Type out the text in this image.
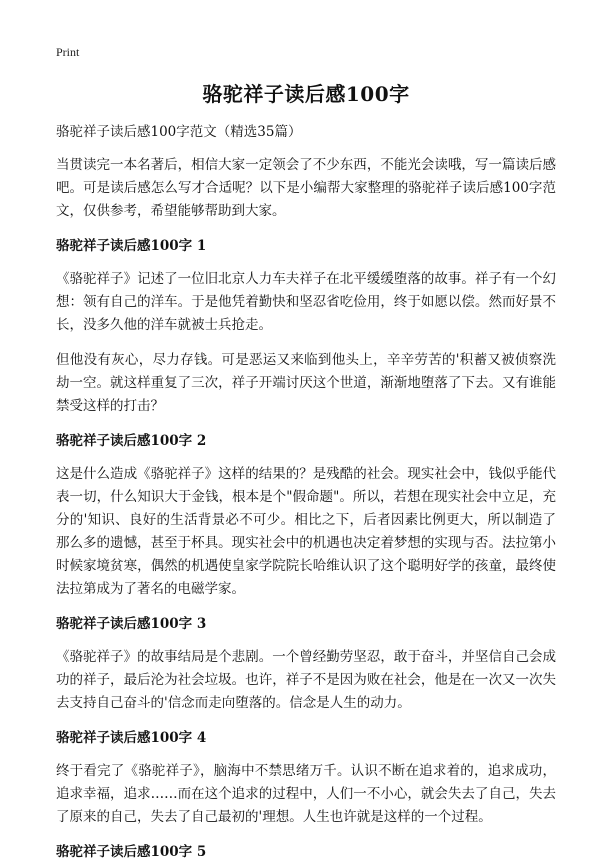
Print
骆驼祥子读后感100字

骆驼祥子读后感100字范文（精选35篇）

当贯读完一本名著后，相信大家一定领会了不少东西，不能光会读哦，写一篇读后感吧。可是读后感怎么写才合适呢？以下是小编帮大家整理的骆驼祥子读后感100字范文，仅供参考，希望能够帮助到大家。

骆驼祥子读后感100字 1

《骆驼祥子》记述了一位旧北京人力车夫祥子在北平缓缓堕落的故事。祥子有一个幻想：领有自己的洋车。于是他凭着勤快和坚忍省吃俭用，终于如愿以偿。然而好景不长，没多久他的洋车就被士兵抢走。

但他没有灰心，尽力存钱。可是恶运又来临到他头上，辛辛劳苦的'积蓄又被侦察洗劫一空。就这样重复了三次，祥子开端讨厌这个世道，渐渐地堕落了下去。又有谁能禁受这样的打击？

骆驼祥子读后感100字 2

这是什么造成《骆驼祥子》这样的结果的？是残酷的社会。现实社会中，钱似乎能代表一切，什么知识大于金钱，根本是个"假命题"。所以，若想在现实社会中立足，充分的'知识、良好的生活背景必不可少。相比之下，后者因素比例更大，所以制造了那么多的遗憾，甚至于杯具。现实社会中的机遇也决定着梦想的实现与否。法拉第小时候家境贫寒，偶然的机遇使皇家学院院长哈维认识了这个聪明好学的孩童，最终使法拉第成为了著名的电磁学家。

骆驼祥子读后感100字 3

《骆驼祥子》的故事结局是个悲剧。一个曾经勤劳坚忍，敢于奋斗，并坚信自己会成功的祥子，最后沦为社会垃圾。也许，祥子不是因为败在社会，他是在一次又一次失去支持自己奋斗的'信念而走向堕落的。信念是人生的动力。

骆驼祥子读后感100字 4

终于看完了《骆驼祥子》，脑海中不禁思绪万千。认识不断在追求着的，追求成功，追求幸福，追求……而在这个追求的过程中，人们一不小心，就会失去了自己，失去了原来的自己，失去了自己最初的'理想。人生也许就是这样的一个过程。

骆驼祥子读后感100字 5
